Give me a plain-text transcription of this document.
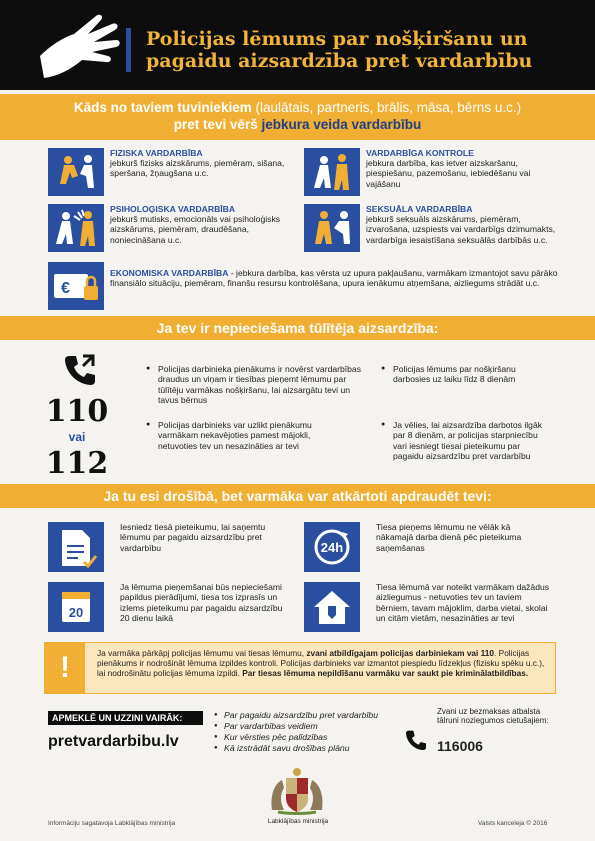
Policijas lēmums par nošķiršanu un pagaidu aizsardzība pret vardarbību
Kāds no taviem tuviniekiem (laulātais, partneris, brālis, māsa, bērns u.c.)
pret tevi vērš jebkura veida vardarbību
FIZISKA VARDARBĪBA
jebkurš fizisks aizskārums, piemēram, sišana, speršana, žņaugšana u.c.
VARDARBĪGA KONTROLE
jebkura darbība, kas ietver aizskaršanu, piespiešanu, pazemošanu, iebiedēšanu vai vajāšanu
PSIHOLOĢISKA VARDARBĪBA
jebkurš mutisks, emocionāls vai psiholoģisks aizskārums, piemēram, draudēšana, noniecināšana u.c.
SEKSUĀLA VARDARBĪBA
jebkurš seksuāls aizskārums, piemēram, izvarošana, uzspiests vai vardarbīgs dzimumakts, vardarbīga iesaistīšana seksuālās darbībās u.c.
€
EKONOMISKA VARDARBĪBA - jebkura darbība, kas vērsta uz upura pakļaušanu, varmākam izmantojot savu pārāko finansiālo situāciju, piemēram, finanšu resursu kontrolēšana, upura ienākumu atņemšana, aizliegums strādāt u.c.
Ja tev ir nepieciešama tūlītēja aizsardzība:
110
vai
112
● Policijas darbinieka pienākums ir novērst vardarbības draudus un viņam ir tiesības pieņemt lēmumu par tūlītēju varmākas nošķiršanu, lai aizsargātu tevi un tavus bērnus
● Policijas lēmums par nošķiršanu darbosies uz laiku līdz 8 dienām
● Policijas darbinieks var uzlikt pienākumu varmākam nekavējoties pamest mājokli, netuvoties tev un nesazināties ar tevi
● Ja vēlies, lai aizsardzība darbotos ilgāk par 8 dienām, ar policijas starpniecību vari iesniegt tiesai pieteikumu par pagaidu aizsardzību pret vardarbību
Ja tu esi drošībā, bet varmāka var atkārtoti apdraudēt tevi:
Iesniedz tiesā pieteikumu, lai saņemtu lēmumu par pagaidu aizsardzību pret vardarbību	24h
Tiesa pieņems lēmumu ne vēlāk kā nākamajā darba dienā pēc pieteikuma saņemšanas
20
Ja lēmuma pieņemšanai būs nepieciešami papildus pierādījumi, tiesa tos izprasīs un izlems pieteikumu par pagaidu aizsardzību 20 dienu laikā
Tiesa lēmumā var noteikt varmākam dažādus aizliegumus - netuvoties tev un taviem bērniem, tavam mājoklim, darba vietai, skolai un citām vietām, nesazināties ar tevi
!	Ja varmāka pārkāpj policijas lēmumu vai tiesas lēmumu, zvani atbildīgajam policijas darbiniekam vai 110. Policijas pienākums ir nodrošināt lēmuma izpildes kontroli. Policijas darbinieks var izmantot piespiedu līdzekļus (fizisku spēku u.c.), lai nodrošinātu policijas lēmuma izpildi. Par tiesas lēmuma nepildīšanu varmāku var saukt pie kriminālatbildības.
APMEKLĒ UN UZZINI VAIRĀK:
pretvardarbibu.lv
● Par pagaidu aizsardzību pret vardarbību
● Par vardarbības veidiem
● Kur vērsties pēc palīdzības
● Kā izstrādāt savu drošības plānu
Zvani uz bezmaksas atbalsta tālruni noziegumos cietušajiem:
116006
Labklājības ministrija
Informāciju sagatavoja Labklājības ministrija	Valsts kanceleja © 2016
